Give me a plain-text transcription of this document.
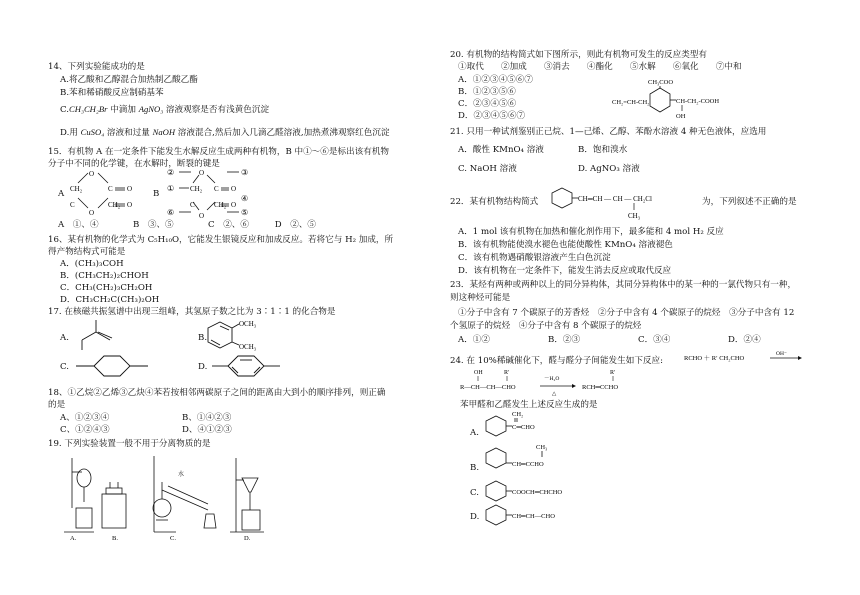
14、下列实验能成功的是
A.将乙酸和乙醇混合加热制乙酸乙酯
B.苯和稀硝酸反应制硝基苯
C.CH₃CH₂Br 中滴加 AgNO₃ 溶液观察是否有浅黄色沉淀
D.用 CuSO₄ 溶液和过量 NaOH 溶液混合,然后加入几滴乙醛溶液,加热煮沸观察红色沉淀
15．有机物 A 在一定条件下能发生水解反应生成两种有机物，B 中①～⑥是标出该有机物
分子中不同的化学键，在水解时，断裂的键是
A
O
CH₂	C O
C	CH₂ O
O
B
②	O	③
① CH₂ C O
C	CH₂ O
④
⑥	O	⑤
A　①、④　　　　B　③、⑤　　　　C　②、⑥　　　D　②、⑤
16、某有机物的化学式为 C₅H₁₀O，它能发生银镜反应和加成反应。若将它与 H₂ 加成，所
得产物结构式可能是
A．(CH₃)₃COH
B．(CH₃CH₂)₂CHOH
C．CH₃(CH₂)₃CH₂OH
D．CH₃CH₂C(CH₃)₂OH
17. 在核磁共振氢谱中出现三组峰，其氢原子数之比为 3∶1∶1 的化合物是
A.	B.
OCH₃
OCH₃
C.	D.
18、①乙烷②乙烯③乙炔④苯若按相邻两碳原子之间的距离由大到小的顺序排列，则正确
的是
A、①②③④	B、①④②③
C、①②④③	D、④①②③
19. 下列实验装置一般不用于分离物质的是
水
A.	B.	C.	D.
20. 有机物的结构简式如下图所示，则此有机物可发生的反应类型有
①取代　　②加成　　③消去　　④酯化　　⑤水解　　⑥氧化　　⑦中和
A．①②③④⑤⑥⑦
B．①②③⑤⑥
C．②③④⑤⑥
D．②③④⑤⑥⑦
CH₂=CH-CH₂
CH₃COO
CH-CH₂-COOH
OH
21. 只用一种试剂鉴别正己烷、1—己烯、乙醇、苯酚水溶液 4 种无色液体，应选用
A．酸性 KMnO₄ 溶液	B．饱和溴水
C. NaOH 溶液	D. AgNO₃ 溶液
22．某有机物结构简式	CH═CH — CH — CH₂Cl
CH₃
为，下列叙述不正确的是
A．1 mol 该有机物在加热和催化剂作用下，最多能和 4 mol H₂ 反应
B．该有机物能使溴水褪色也能使酸性 KMnO₄ 溶液褪色
C．该有机物遇硝酸银溶液产生白色沉淀
D．该有机物在一定条件下，能发生消去反应或取代反应
23．某烃有两种或两种以上的同分异构体，其同分异构体中的某一种的一氯代物只有一种，
则这种烃可能是
①分子中含有 7 个碳原子的芳香烃　②分子中含有 4 个碳原子的烷烃　③分子中含有 12
个氢原子的烷烃　④分子中含有 8 个碳原子的烷烃
A．①②	B．②③	C．③④	D．②④
24. 在 10%稀碱催化下，醛与醛分子间能发生如下反应:	RCHO ＋ R′ CH₂CHO
OH⁻
OH	R′
R—CH—CH—CHO
－H₂O
△
R′
RCH═CCHO
苯甲醛和乙醛发生上述反应生成的是
A.
CH₂
C═CHO
B.
CH₃
CH═CCHO
C.	COOCH═CHCHO
D.	CH═CH—CHO
